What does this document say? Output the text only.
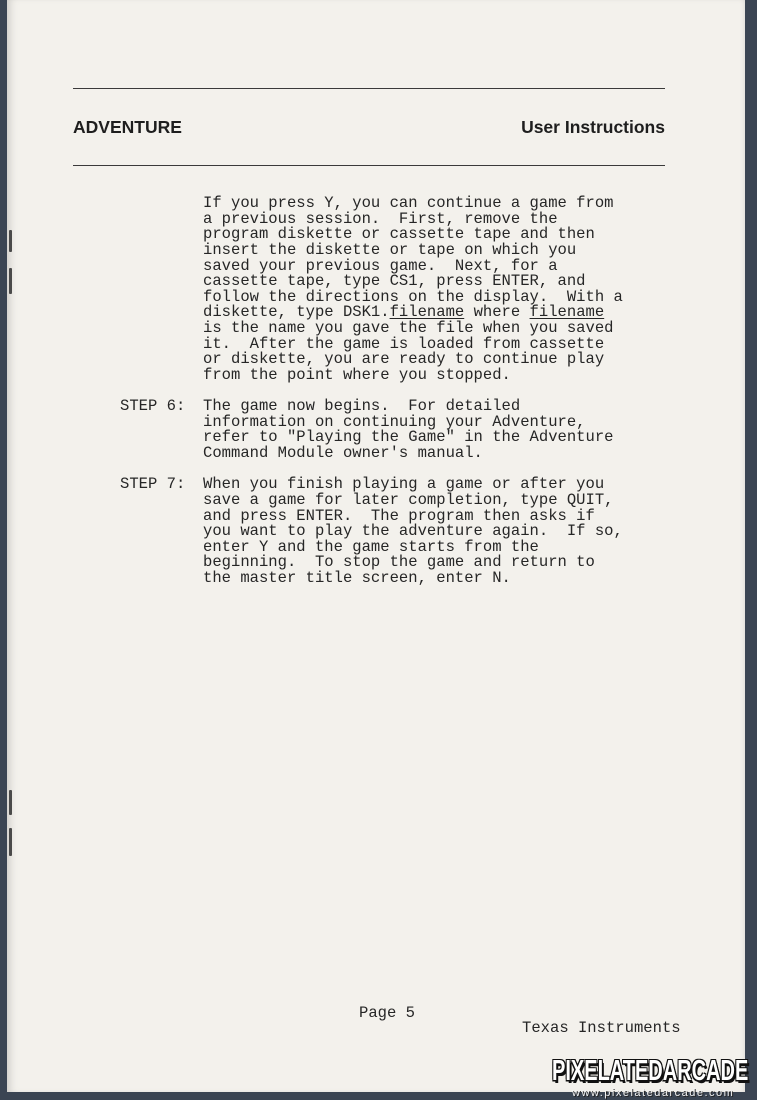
ADVENTURE	User Instructions
If you press Y, you can continue a game from
a previous session.  First, remove the
program diskette or cassette tape and then
insert the diskette or tape on which you
saved your previous game.  Next, for a
cassette tape, type CS1, press ENTER, and
follow the directions on the display.  With a
diskette, type DSK1.filename where filename
is the name you gave the file when you saved
it.  After the game is loaded from cassette
or diskette, you are ready to continue play
from the point where you stopped.
STEP 6:	The game now begins.  For detailed
information on continuing your Adventure,
refer to "Playing the Game" in the Adventure
Command Module owner's manual.
STEP 7:	When you finish playing a game or after you
save a game for later completion, type QUIT,
and press ENTER.  The program then asks if
you want to play the adventure again.  If so,
enter Y and the game starts from the
beginning.  To stop the game and return to
the master title screen, enter N.
Page 5
Texas Instruments
PIXELATEDARCADE
www.pixelatedarcade.com
